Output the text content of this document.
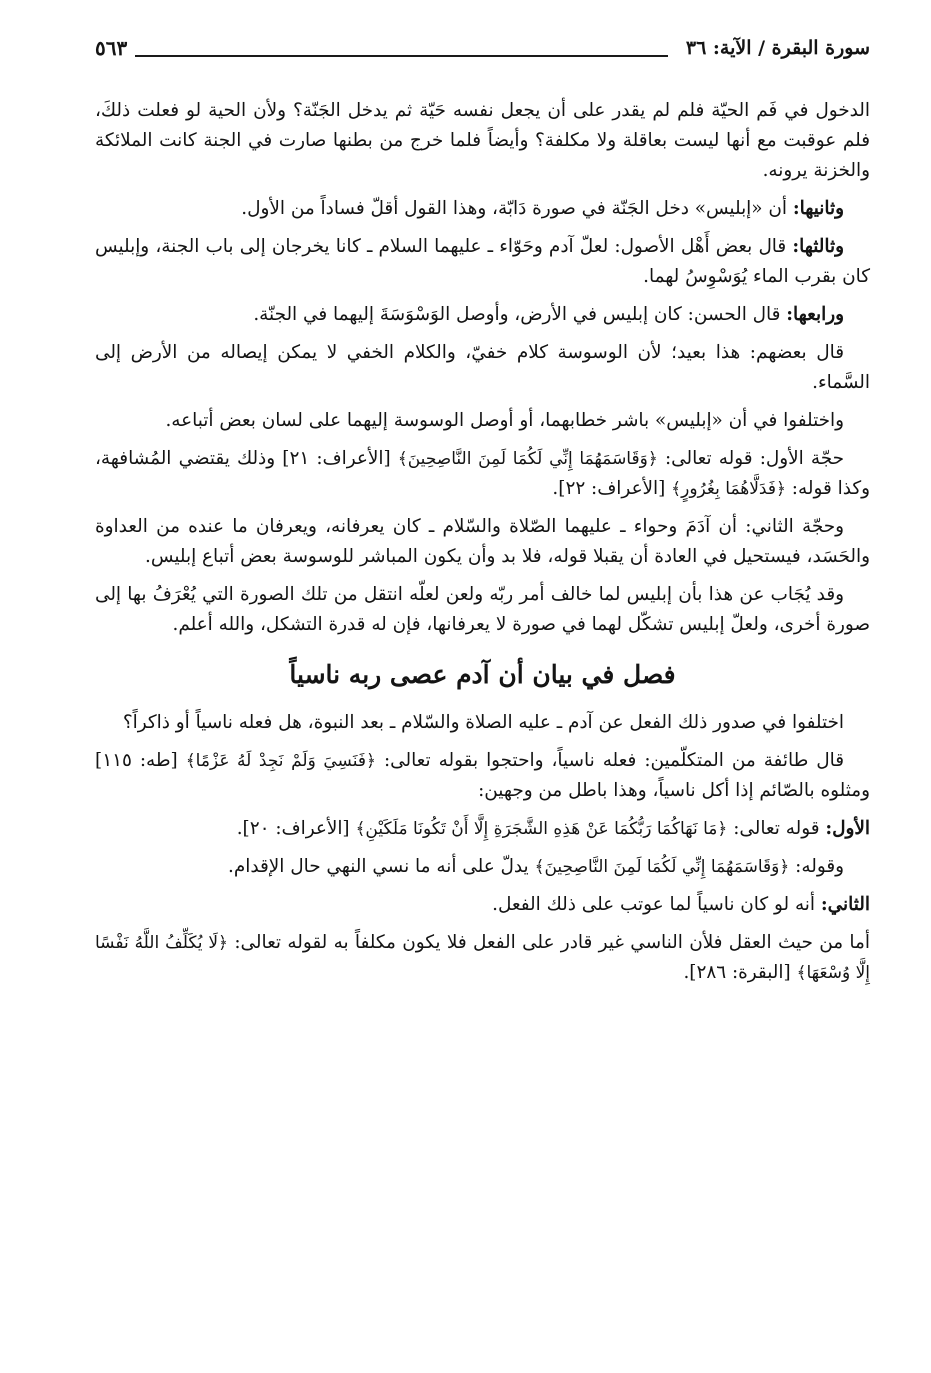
سورة البقرة / الآية: ٣٦
٥٦٣

الدخول في فَم الحيّة فلم لم يقدر على أن يجعل نفسه حَيّة ثم يدخل الجَنّة؟ ولأن الحية لو فعلت ذلكَ، فلم عوقبت مع أنها ليست بعاقلة ولا مكلفة؟ وأيضاً فلما خرج من بطنها صارت في الجنة كانت الملائكة والخزنة يرونه.

وثانيها: أن «إبليس» دخل الجَنّة في صورة دَابّة، وهذا القول أقلّ فساداً من الأول.

وثالثها: قال بعض أَهْل الأصول: لعلّ آدم وحَوّاء ـ عليهما السلام ـ كانا يخرجان إلى باب الجنة، وإبليس كان بقرب الماء يُوَسْوِسُ لهما.

ورابعها: قال الحسن: كان إبليس في الأرض، وأوصل الوَسْوَسَةَ إليهما في الجنّة.

قال بعضهم: هذا بعيد؛ لأن الوسوسة كلام خفيّ، والكلام الخفي لا يمكن إيصاله من الأرض إلى السَّماء.

واختلفوا في أن «إبليس» باشر خطابهما، أو أوصل الوسوسة إليهما على لسان بعض أتباعه.

حجّة الأول: قوله تعالى: ﴿وَقَاسَمَهُمَا إِنِّي لَكُمَا لَمِنَ النَّاصِحِينَ﴾ [الأعراف: ٢١] وذلك يقتضي المُشافهة، وكذا قوله: ﴿فَدَلَّاهُمَا بِغُرُورٍ﴾ [الأعراف: ٢٢].

وحجّة الثاني: أن آدَمَ وحواء ـ عليهما الصّلاة والسّلام ـ كان يعرفانه، ويعرفان ما عنده من العداوة والحَسَد، فيستحيل في العادة أن يقبلا قوله، فلا بد وأن يكون المباشر للوسوسة بعض أتباع إبليس.

وقد يُجَاب عن هذا بأن إبليس لما خالف أمر ربّه ولعن لعلّه انتقل من تلك الصورة التي يُعْرَفُ بها إلى صورة أخرى، ولعلّ إبليس تشكّل لهما في صورة لا يعرفانها، فإن له قدرة التشكل، والله أعلم.

فصل في بيان أن آدم عصى ربه ناسياً

اختلفوا في صدور ذلك الفعل عن آدم ـ عليه الصلاة والسّلام ـ بعد النبوة، هل فعله ناسياً أو ذاكراً؟

قال طائفة من المتكلّمين: فعله ناسياً، واحتجوا بقوله تعالى: ﴿فَنَسِيَ وَلَمْ نَجِدْ لَهُ عَزْمًا﴾ [طه: ١١٥] ومثلوه بالصّائم إذا أكل ناسياً، وهذا باطل من وجهين:

الأول: قوله تعالى: ﴿مَا نَهَاكُمَا رَبُّكُمَا عَنْ هَذِهِ الشَّجَرَةِ إِلَّا أَنْ تَكُونَا مَلَكَيْنِ﴾ [الأعراف: ٢٠].

وقوله: ﴿وَقَاسَمَهُمَا إِنِّي لَكُمَا لَمِنَ النَّاصِحِينَ﴾ يدلّ على أنه ما نسي النهي حال الإقدام.

الثاني: أنه لو كان ناسياً لما عوتب على ذلك الفعل.

أما من حيث العقل فلأن الناسي غير قادر على الفعل فلا يكون مكلفاً به لقوله تعالى: ﴿لَا يُكَلِّفُ اللَّهُ نَفْسًا إِلَّا وُسْعَهَا﴾ [البقرة: ٢٨٦].
